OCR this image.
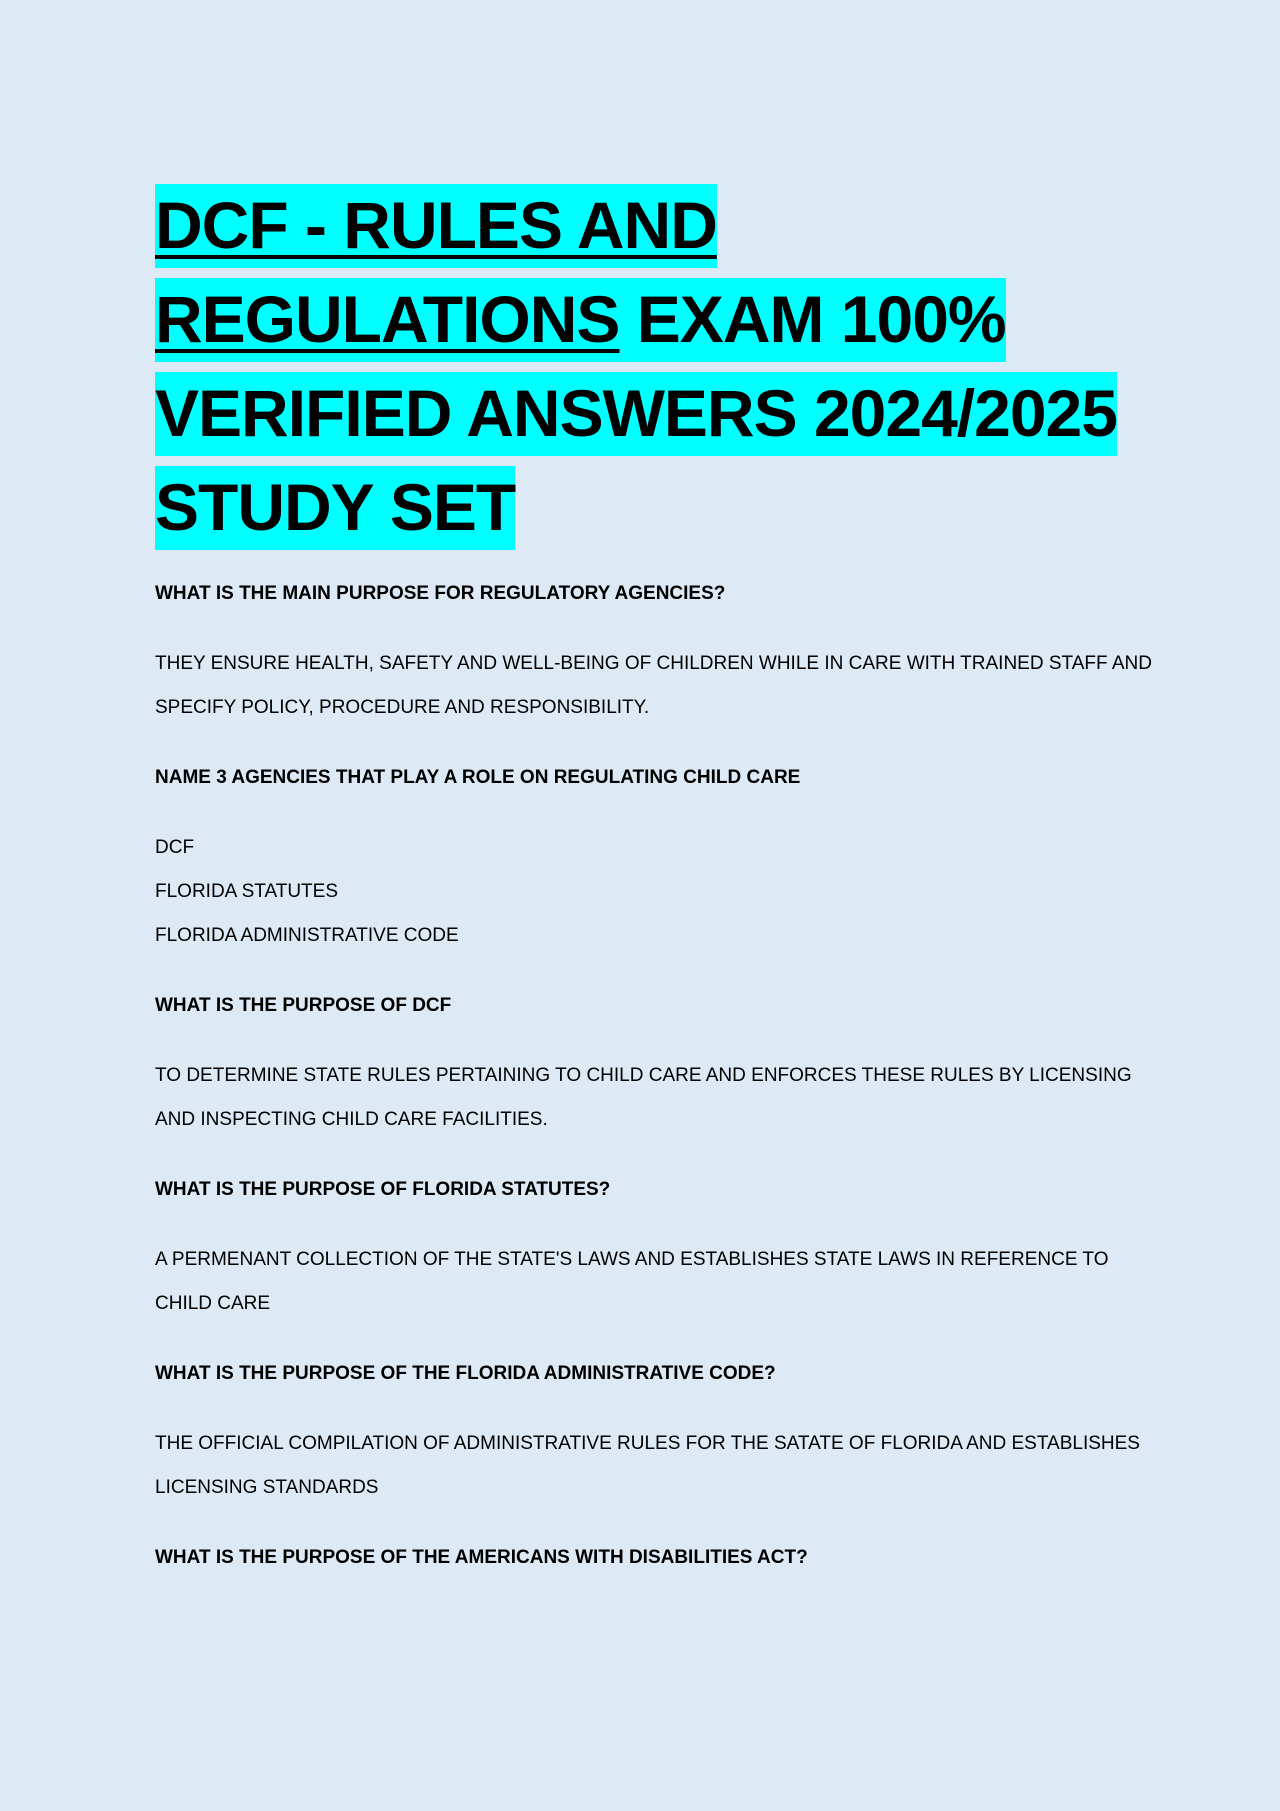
DCF - RULES AND REGULATIONS EXAM 100% VERIFIED ANSWERS 2024/2025 STUDY SET

WHAT IS THE MAIN PURPOSE FOR REGULATORY AGENCIES?

THEY ENSURE HEALTH, SAFETY AND WELL-BEING OF CHILDREN WHILE IN CARE WITH TRAINED STAFF AND SPECIFY POLICY, PROCEDURE AND RESPONSIBILITY.

NAME 3 AGENCIES THAT PLAY A ROLE ON REGULATING CHILD CARE

DCF
FLORIDA STATUTES
FLORIDA ADMINISTRATIVE CODE

WHAT IS THE PURPOSE OF DCF

TO DETERMINE STATE RULES PERTAINING TO CHILD CARE AND ENFORCES THESE RULES BY LICENSING AND INSPECTING CHILD CARE FACILITIES.

WHAT IS THE PURPOSE OF FLORIDA STATUTES?

A PERMENANT COLLECTION OF THE STATE'S LAWS AND ESTABLISHES STATE LAWS IN REFERENCE TO CHILD CARE

WHAT IS THE PURPOSE OF THE FLORIDA ADMINISTRATIVE CODE?

THE OFFICIAL COMPILATION OF ADMINISTRATIVE RULES FOR THE SATATE OF FLORIDA AND ESTABLISHES LICENSING STANDARDS

WHAT IS THE PURPOSE OF THE AMERICANS WITH DISABILITIES ACT?
